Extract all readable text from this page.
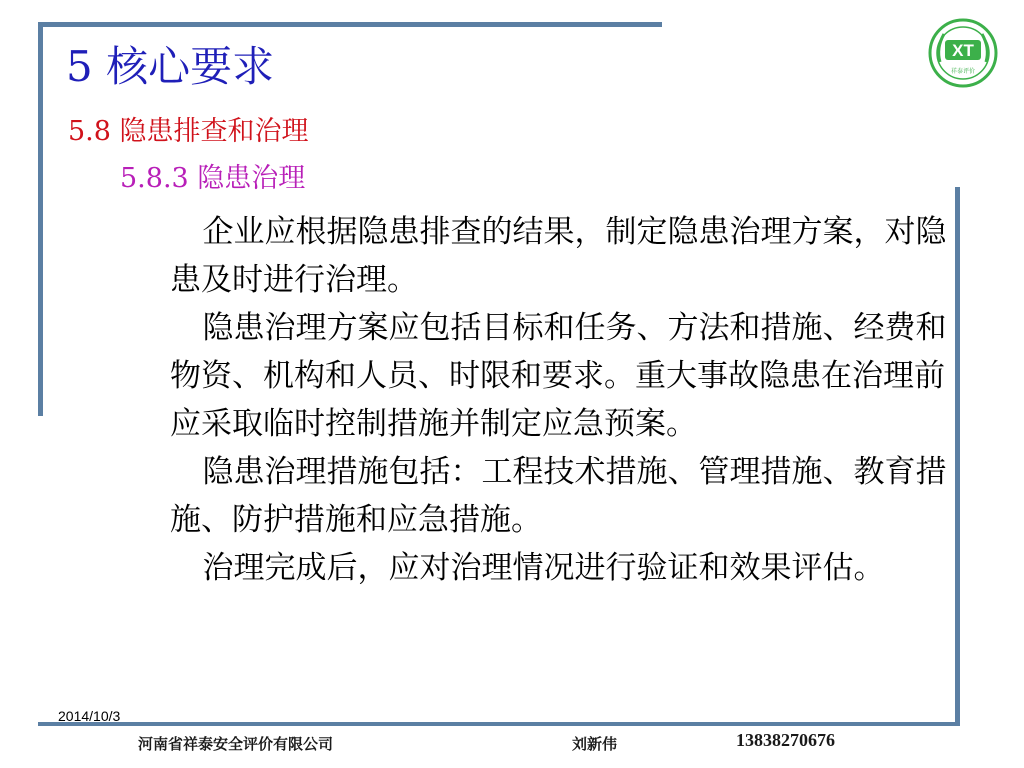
XT
祥泰评价
5 核心要求
5.8 隐患排查和治理
5.8.3 隐患治理

企业应根据隐患排查的结果，制定隐患治理方案，对隐患及时进行治理。

隐患治理方案应包括目标和任务、方法和措施、经费和物资、机构和人员、时限和要求。重大事故隐患在治理前应采取临时控制措施并制定应急预案。

隐患治理措施包括：工程技术措施、管理措施、教育措施、防护措施和应急措施。

治理完成后，应对治理情况进行验证和效果评估。

2014/10/3
河南省祥泰安全评价有限公司	刘新伟	13838270676
